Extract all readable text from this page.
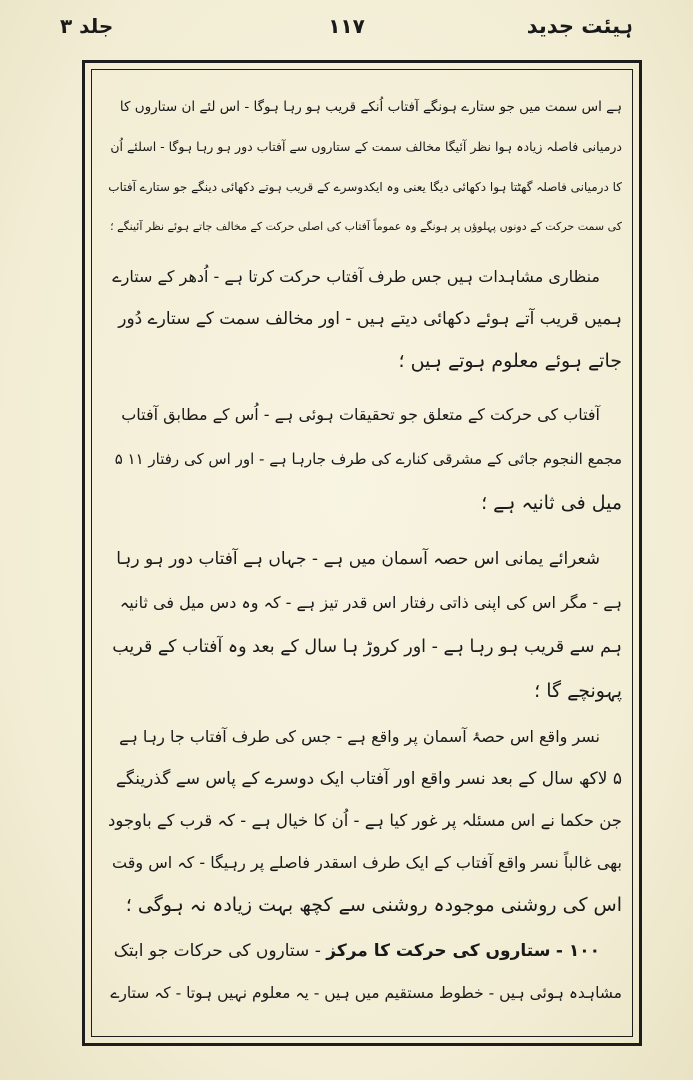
ہیئت جدید
۱۱۷
جلد ۳
ہے اس سمت میں جو ستارے ہونگے آفتاب اُنکے قریب ہو رہا ہوگا - اس لئے ان ستاروں کا
درمیانی فاصلہ زیادہ ہوا نظر آئیگا مخالف سمت کے ستاروں سے آفتاب دور ہو رہا ہوگا - اسلئے اُن
کا درمیانی فاصلہ گھٹتا ہوا دکھائی دیگا یعنی وہ ایکدوسرے کے قریب ہوتے دکھائی دینگے جو ستارے آفتاب
کی سمت حرکت کے دونوں پہلوؤں پر ہونگے وہ عموماً آفتاب کی اصلی حرکت کے مخالف جاتے ہوئے نظر آئینگے ؛
منظاری مشاہدات ہیں جس طرف آفتاب حرکت کرتا ہے - اُدھر کے ستارے
ہمیں قریب آتے ہوئے دکھائی دیتے ہیں - اور مخالف سمت کے ستارے دُور
جاتے ہوئے معلوم ہوتے ہیں ؛
آفتاب کی حرکت کے متعلق جو تحقیقات ہوئی ہے - اُس کے مطابق آفتاب
مجمع النجوم جاثی کے مشرقی کنارے کی طرف جارہا ہے - اور اس کی رفتار ۱۱ ۵
میل فی ثانیہ ہے ؛
شعرائے یمانی اس حصہ آسمان میں ہے - جہاں ہے آفتاب دور ہو رہا
ہے - مگر اس کی اپنی ذاتی رفتار اس قدر تیز ہے - کہ وہ دس میل فی ثانیہ
ہم سے قریب ہو رہا ہے - اور کروڑ ہا سال کے بعد وہ آفتاب کے قریب
پہونچے گا ؛
نسر واقع اس حصۂ آسمان پر واقع ہے - جس کی طرف آفتاب جا رہا ہے
۵ لاکھ سال کے بعد نسر واقع اور آفتاب ایک دوسرے کے پاس سے گذرینگے
جن حکما نے اس مسئلہ پر غور کیا ہے - اُن کا خیال ہے - کہ قرب کے باوجود
بھی غالباً نسر واقع آفتاب کے ایک طرف اسقدر فاصلے پر رہیگا - کہ اس وقت
اس کی روشنی موجودہ روشنی سے کچھ بہت زیادہ نہ ہوگی ؛
۱۰۰ - ستاروں کی حرکت کا مرکز - ستاروں کی حرکات جو ابتک
مشاہدہ ہوئی ہیں - خطوط مستقیم میں ہیں - یہ معلوم نہیں ہوتا - کہ ستارے
